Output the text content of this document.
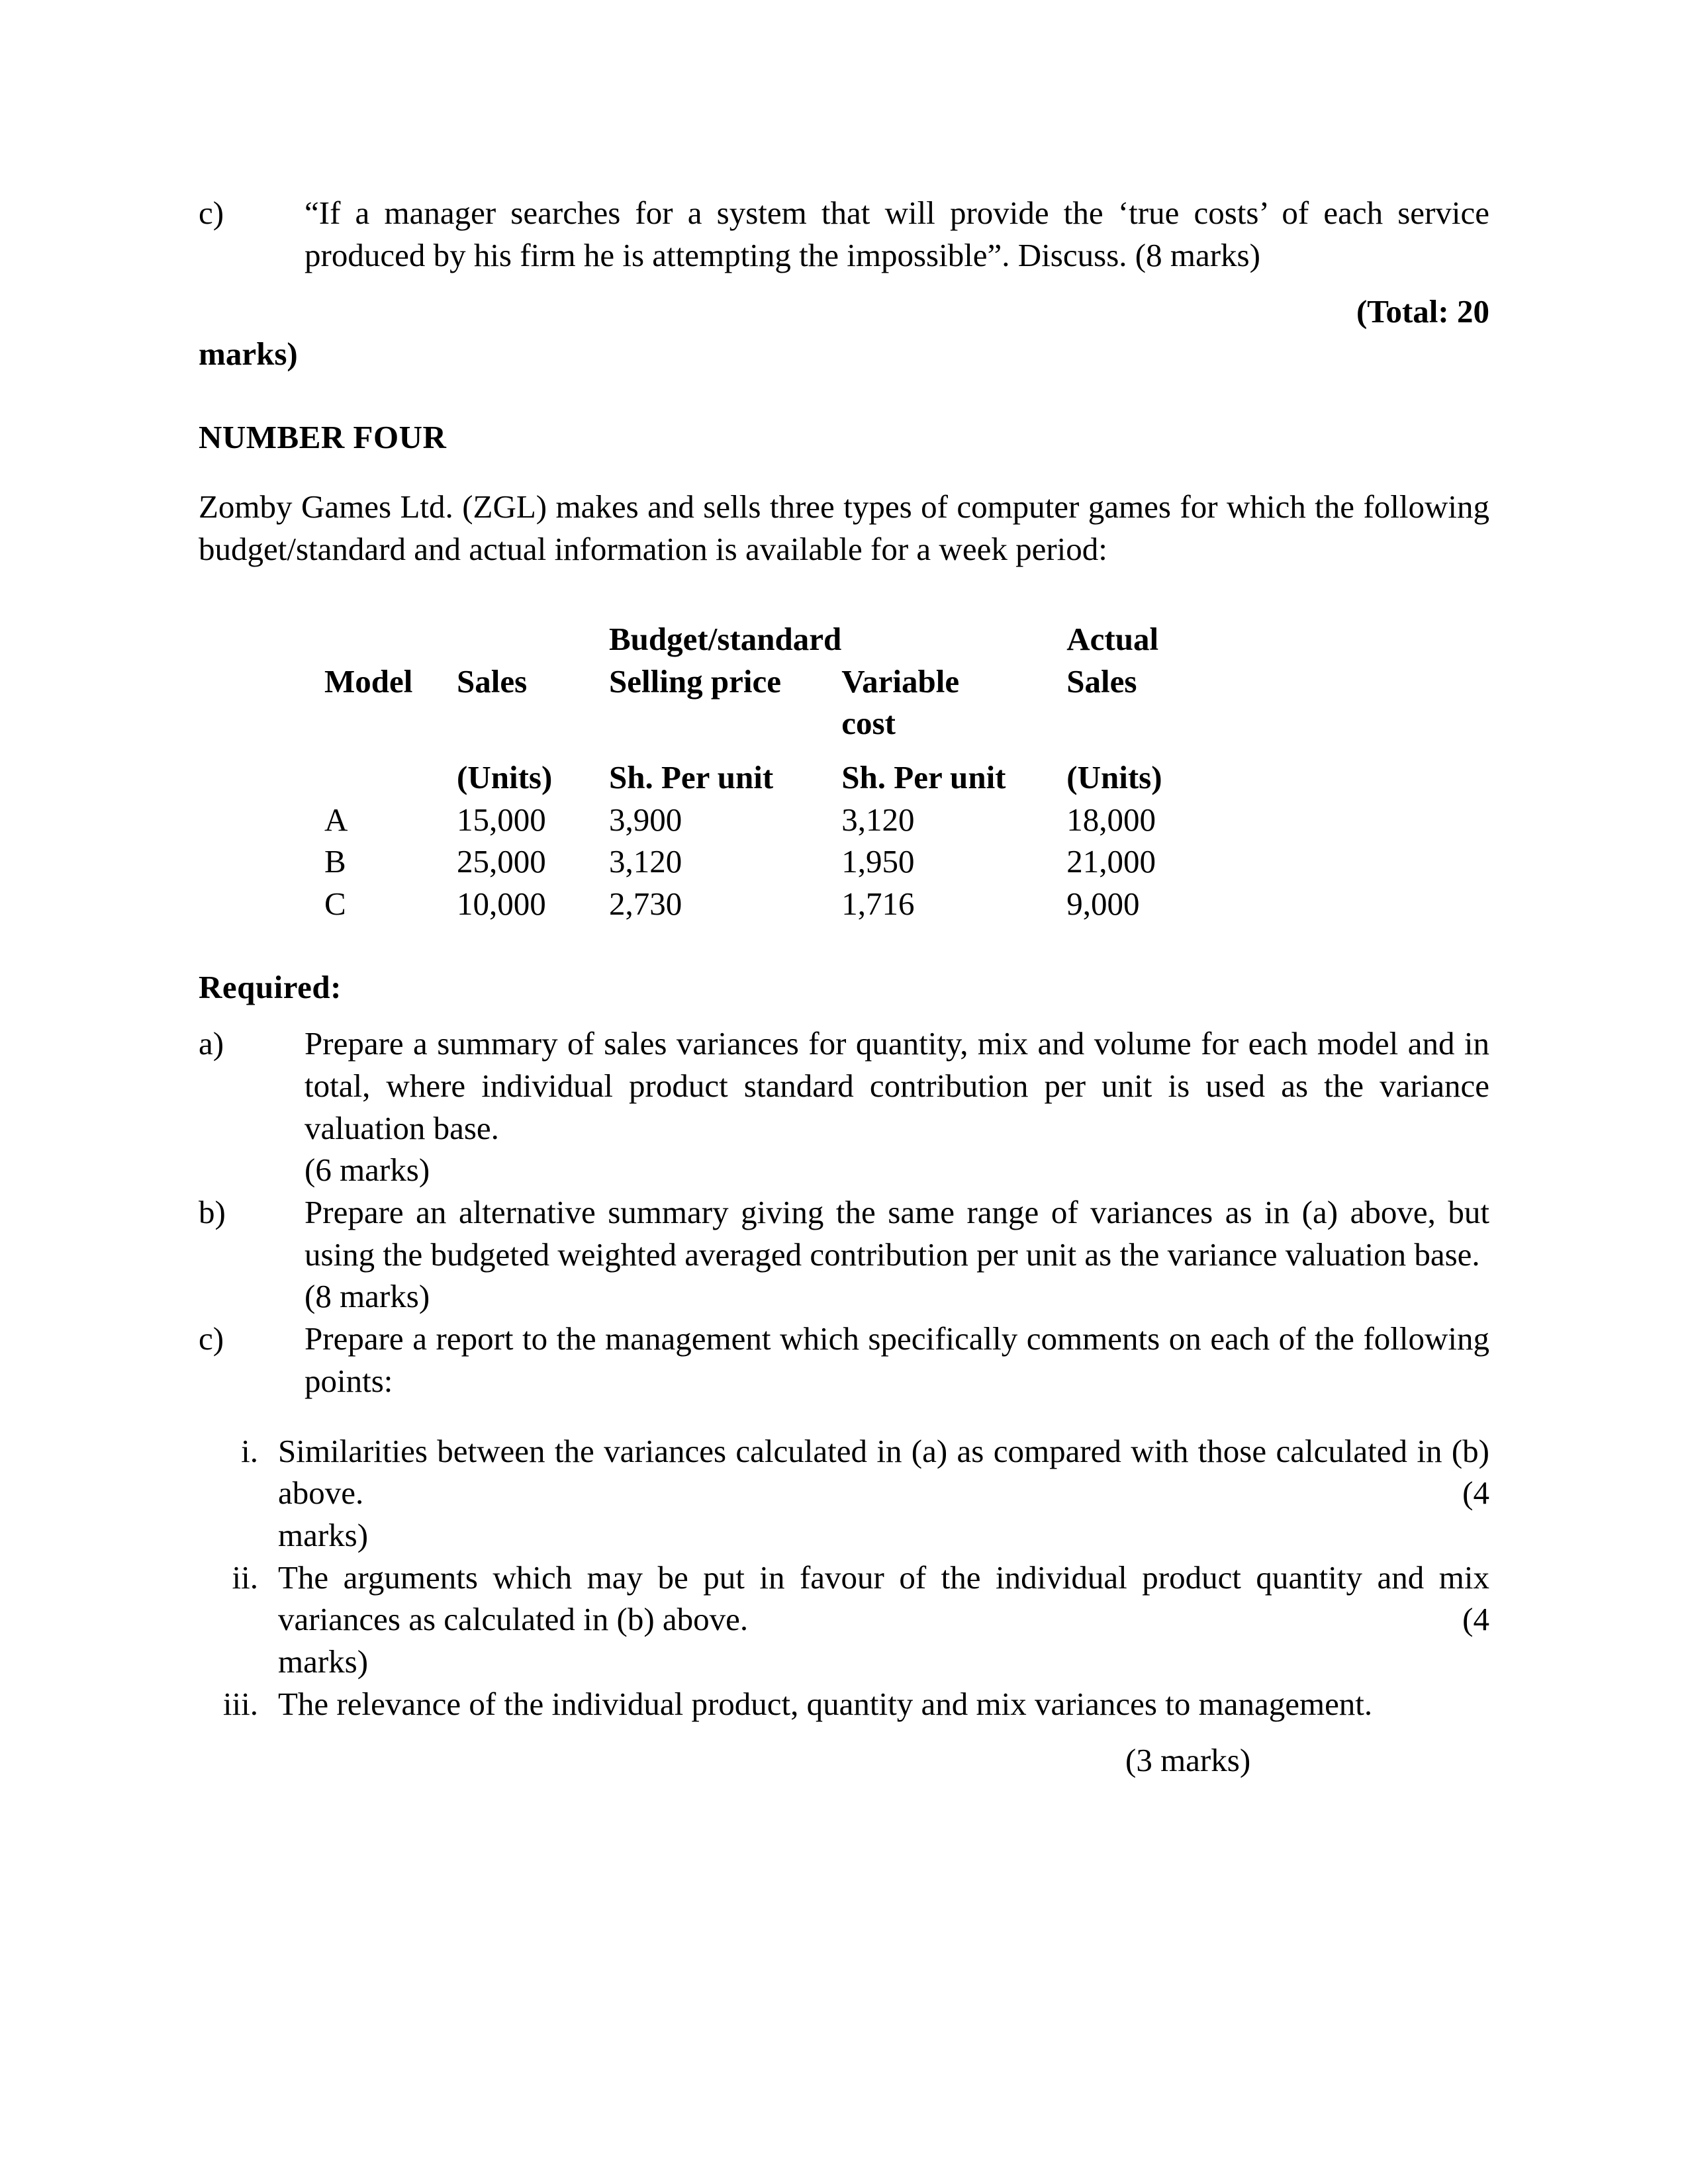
c)	“If a manager searches for a system that will provide the ‘true costs’ of each service produced by his firm he is attempting the impossible”. Discuss. (8 marks)
(Total: 20
marks)
NUMBER FOUR
Zomby Games Ltd. (ZGL) makes and sells three types of computer games for which the following budget/standard and actual information is available for a week period:
		Budget/standard		Actual
Model	Sales	Selling price	Variable	Sales
			cost	

	(Units)	Sh. Per unit	Sh. Per unit	(Units)
A	15,000	3,900	3,120	18,000
B	25,000	3,120	1,950	21,000
C	10,000	2,730	1,716	9,000
Required:
a)	Prepare a summary of sales variances for quantity, mix and volume for each model and in total, where individual product standard contribution per unit is used as the variance valuation base.
(6 marks)
b)	Prepare an alternative summary giving the same range of variances as in (a) above, but using the budgeted weighted averaged contribution per unit as the variance valuation base.
(8 marks)
c)	Prepare a report to the management which specifically comments on each of the following points:
i. Similarities between the variances calculated in (a) as compared with those calculated in (b) above.	(4
marks)
ii. The arguments which may be put in favour of the individual product quantity and mix variances as calculated in (b) above.	(4
marks)
iii. The relevance of the individual product, quantity and mix variances to management.
(3 marks)
